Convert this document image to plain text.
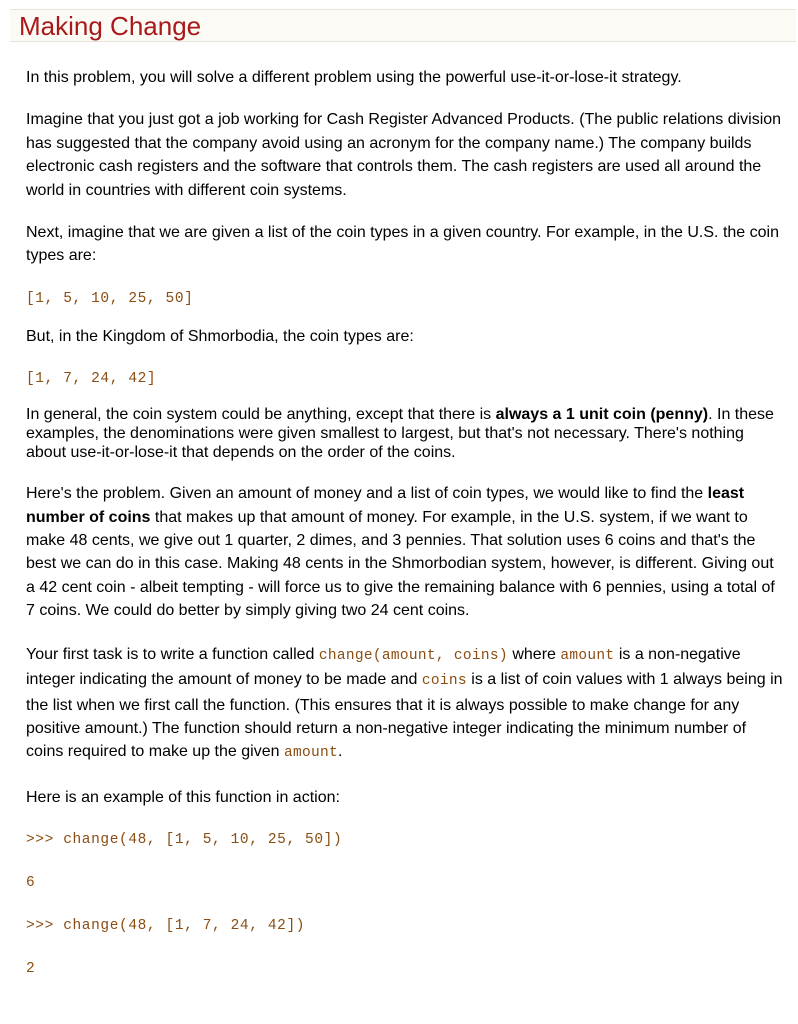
Making Change

In this problem, you will solve a different problem using the powerful use-it-or-lose-it strategy.

Imagine that you just got a job working for Cash Register Advanced Products. (The public relations division has suggested that the company avoid using an acronym for the company name.) The company builds electronic cash registers and the software that controls them. The cash registers are used all around the world in countries with different coin systems.

Next, imagine that we are given a list of the coin types in a given country. For example, in the U.S. the coin types are:

[1, 5, 10, 25, 50]

But, in the Kingdom of Shmorbodia, the coin types are:

[1, 7, 24, 42]

In general, the coin system could be anything, except that there is always a 1 unit coin (penny). In these examples, the denominations were given smallest to largest, but that's not necessary. There's nothing about use-it-or-lose-it that depends on the order of the coins.

Here's the problem. Given an amount of money and a list of coin types, we would like to find the least number of coins that makes up that amount of money. For example, in the U.S. system, if we want to make 48 cents, we give out 1 quarter, 2 dimes, and 3 pennies. That solution uses 6 coins and that's the best we can do in this case. Making 48 cents in the Shmorbodian system, however, is different. Giving out a 42 cent coin - albeit tempting - will force us to give the remaining balance with 6 pennies, using a total of 7 coins. We could do better by simply giving two 24 cent coins.

Your first task is to write a function called change(amount, coins) where amount is a non-negative integer indicating the amount of money to be made and coins is a list of coin values with 1 always being in the list when we first call the function. (This ensures that it is always possible to make change for any positive amount.) The function should return a non-negative integer indicating the minimum number of coins required to make up the given amount.

Here is an example of this function in action:

>>> change(48, [1, 5, 10, 25, 50])

6

>>> change(48, [1, 7, 24, 42])

2
